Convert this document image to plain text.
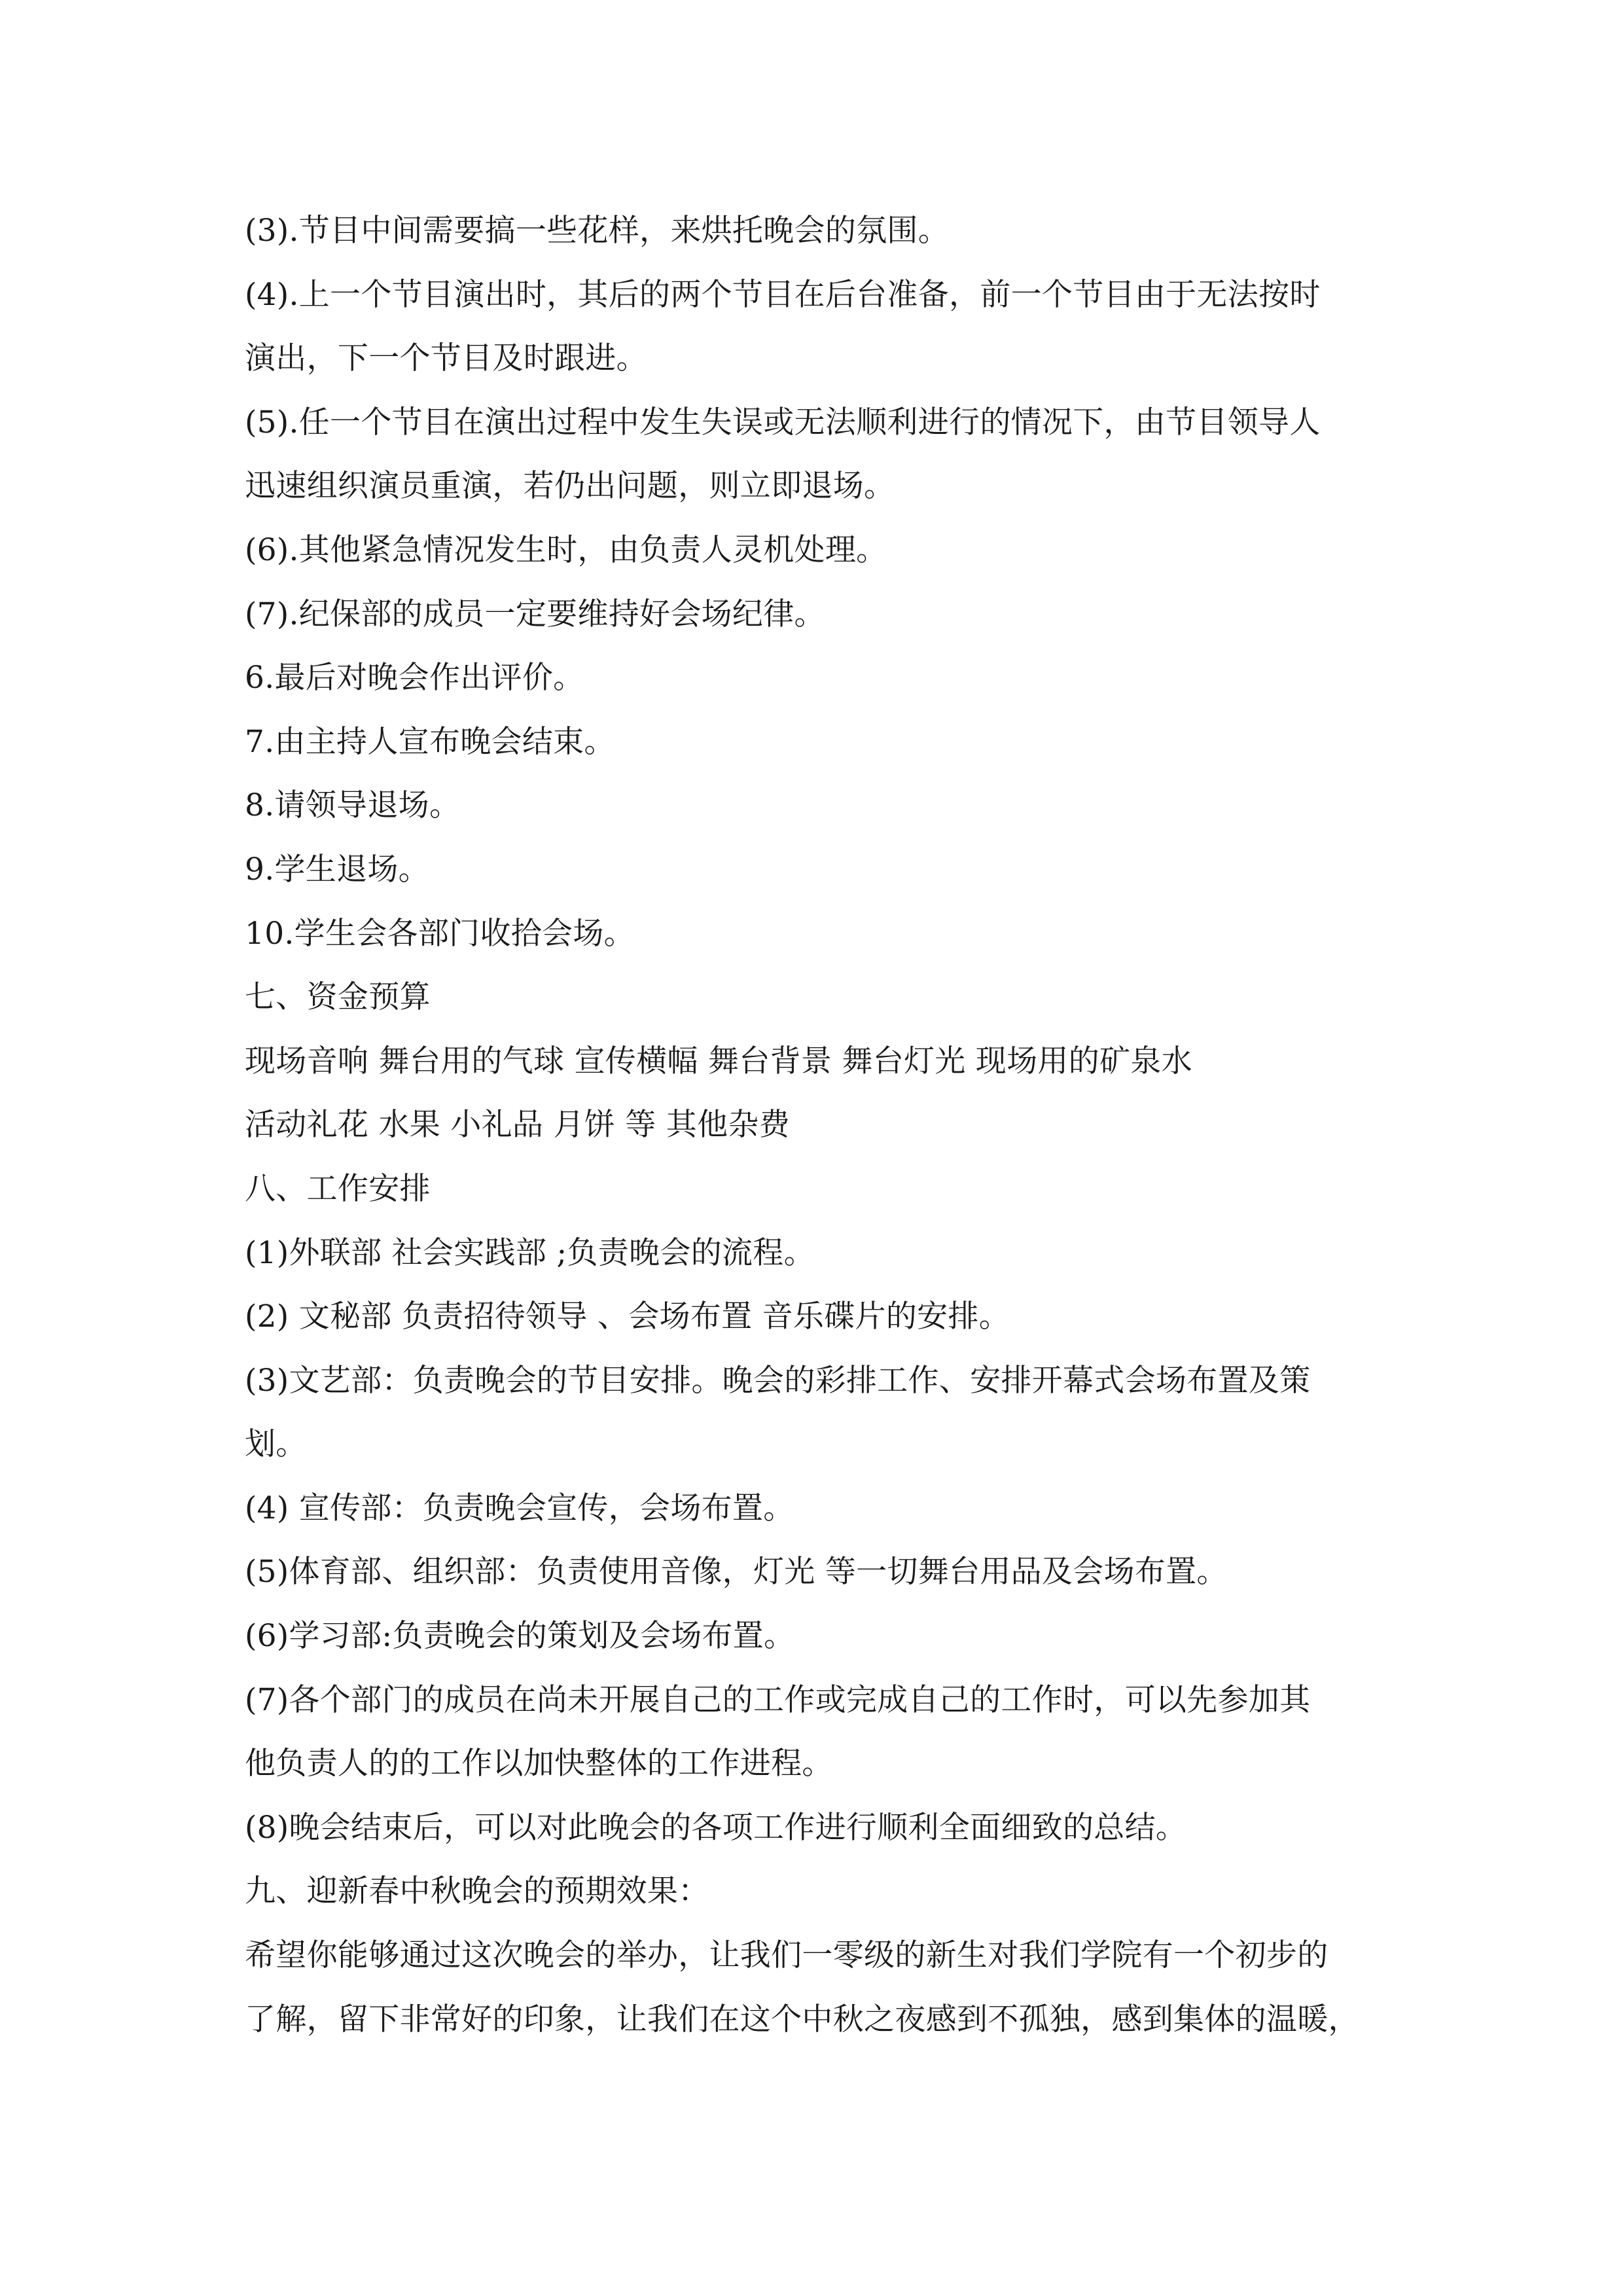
(3).节目中间需要搞一些花样，来烘托晚会的氛围。
(4).上一个节目演出时，其后的两个节目在后台准备，前一个节目由于无法按时
演出，下一个节目及时跟进。
(5).任一个节目在演出过程中发生失误或无法顺利进行的情况下，由节目领导人
迅速组织演员重演，若仍出问题，则立即退场。
(6).其他紧急情况发生时，由负责人灵机处理。
(7).纪保部的成员一定要维持好会场纪律。
6.最后对晚会作出评价。
7.由主持人宣布晚会结束。
8.请领导退场。
9.学生退场。
10.学生会各部门收拾会场。
七、资金预算
现场音响 舞台用的气球 宣传横幅 舞台背景 舞台灯光 现场用的矿泉水
活动礼花 水果 小礼品 月饼 等 其他杂费
八、工作安排
(1)外联部 社会实践部 ;负责晚会的流程。
(2) 文秘部 负责招待领导 、会场布置 音乐碟片的安排。
(3)文艺部：负责晚会的节目安排。晚会的彩排工作、安排开幕式会场布置及策
划。
(4) 宣传部：负责晚会宣传，会场布置。
(5)体育部、组织部：负责使用音像，灯光 等一切舞台用品及会场布置。
(6)学习部:负责晚会的策划及会场布置。
(7)各个部门的成员在尚未开展自己的工作或完成自己的工作时，可以先参加其
他负责人的的工作以加快整体的工作进程。
(8)晚会结束后，可以对此晚会的各项工作进行顺利全面细致的总结。
九、迎新春中秋晚会的预期效果：
希望你能够通过这次晚会的举办，让我们一零级的新生对我们学院有一个初步的
了解，留下非常好的印象，让我们在这个中秋之夜感到不孤独，感到集体的温暖，
